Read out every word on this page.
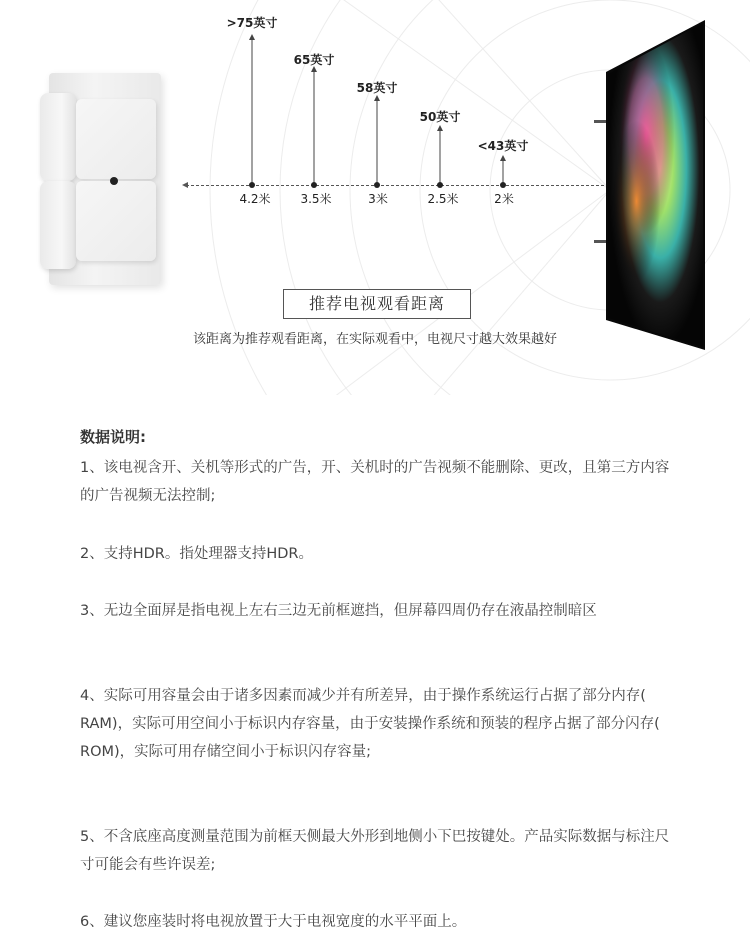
>75英寸
4.2米
65英寸
3.5米
58英寸
3米
50英寸
2.5米
<43英寸
2米
推荐电视观看距离
该距离为推荐观看距离，在实际观看中，电视尺寸越大效果越好
数据说明:
1、该电视含开、关机等形式的广告，开、关机时的广告视频不能删除、更改，且第三方内容的广告视频无法控制;
2、支持HDR。指处理器支持HDR。
3、无边全面屏是指电视上左右三边无前框遮挡，但屏幕四周仍存在液晶控制暗区
4、实际可用容量会由于诸多因素而减少并有所差异，由于操作系统运行占据了部分内存( RAM)，实际可用空间小于标识内存容量，由于安装操作系统和预装的程序占据了部分闪存( ROM)，实际可用存储空间小于标识闪存容量;
5、不含底座高度测量范围为前框天侧最大外形到地侧小下巴按键处。产品实际数据与标注尺寸可能会有些许误差;
6、建议您座装时将电视放置于大于电视宽度的水平平面上。
